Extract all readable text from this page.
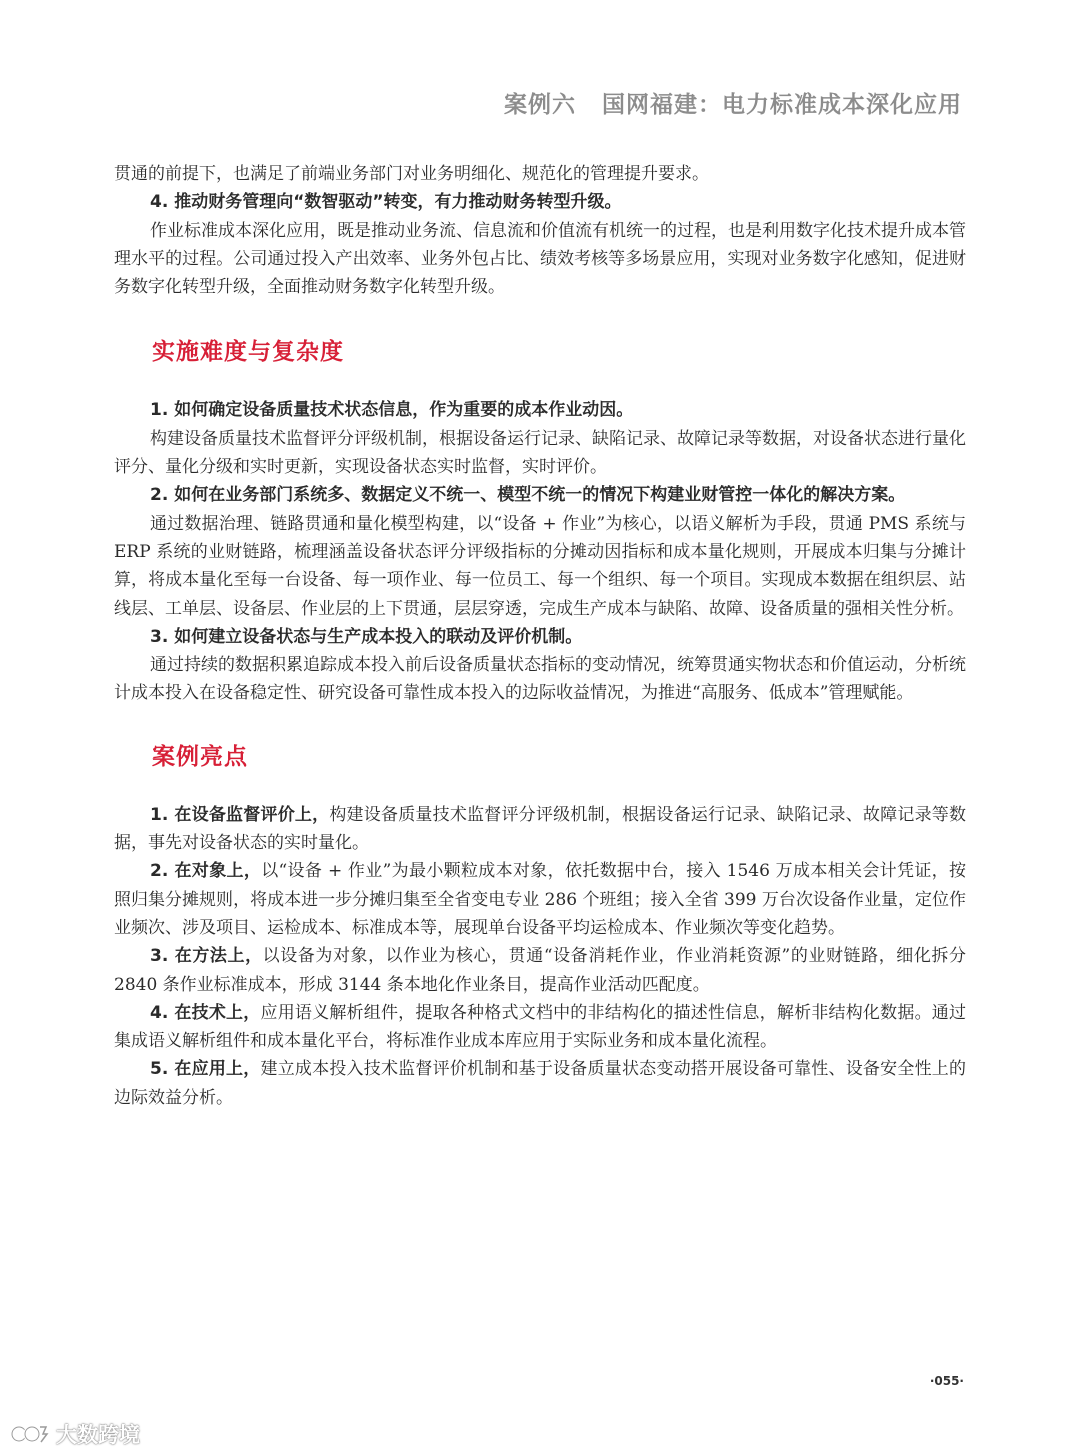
案例六 国网福建：电力标准成本深化应用

贯通的前提下，也满足了前端业务部门对业务明细化、规范化的管理提升要求。

4. 推动财务管理向“数智驱动”转变，有力推动财务转型升级。

作业标准成本深化应用，既是推动业务流、信息流和价值流有机统一的过程，也是利用数字化技术提升成本管理水平的过程。公司通过投入产出效率、业务外包占比、绩效考核等多场景应用，实现对业务数字化感知，促进财务数字化转型升级，全面推动财务数字化转型升级。

实施难度与复杂度

1. 如何确定设备质量技术状态信息，作为重要的成本作业动因。

构建设备质量技术监督评分评级机制，根据设备运行记录、缺陷记录、故障记录等数据，对设备状态进行量化评分、量化分级和实时更新，实现设备状态实时监督，实时评价。

2. 如何在业务部门系统多、数据定义不统一、模型不统一的情况下构建业财管控一体化的解决方案。

通过数据治理、链路贯通和量化模型构建，以“设备 + 作业”为核心，以语义解析为手段，贯通 PMS 系统与 ERP 系统的业财链路，梳理涵盖设备状态评分评级指标的分摊动因指标和成本量化规则，开展成本归集与分摊计算，将成本量化至每一台设备、每一项作业、每一位员工、每一个组织、每一个项目。实现成本数据在组织层、站线层、工单层、设备层、作业层的上下贯通，层层穿透，完成生产成本与缺陷、故障、设备质量的强相关性分析。

3. 如何建立设备状态与生产成本投入的联动及评价机制。

通过持续的数据积累追踪成本投入前后设备质量状态指标的变动情况，统筹贯通实物状态和价值运动，分析统计成本投入在设备稳定性、研究设备可靠性成本投入的边际收益情况，为推进“高服务、低成本”管理赋能。

案例亮点

1. 在设备监督评价上，构建设备质量技术监督评分评级机制，根据设备运行记录、缺陷记录、故障记录等数据，事先对设备状态的实时量化。

2. 在对象上，以“设备 + 作业”为最小颗粒成本对象，依托数据中台，接入 1546 万成本相关会计凭证，按照归集分摊规则，将成本进一步分摊归集至全省变电专业 286 个班组；接入全省 399 万台次设备作业量，定位作业频次、涉及项目、运检成本、标准成本等，展现单台设备平均运检成本、作业频次等变化趋势。

3. 在方法上，以设备为对象，以作业为核心，贯通“设备消耗作业，作业消耗资源”的业财链路，细化拆分 2840 条作业标准成本，形成 3144 条本地化作业条目，提高作业活动匹配度。

4. 在技术上，应用语义解析组件，提取各种格式文档中的非结构化的描述性信息，解析非结构化数据。通过集成语义解析组件和成本量化平台，将标准作业成本库应用于实际业务和成本量化流程。

5. 在应用上，建立成本投入技术监督评价机制和基于设备质量状态变动搭开展设备可靠性、设备安全性上的边际效益分析。

·055·
大数跨境
